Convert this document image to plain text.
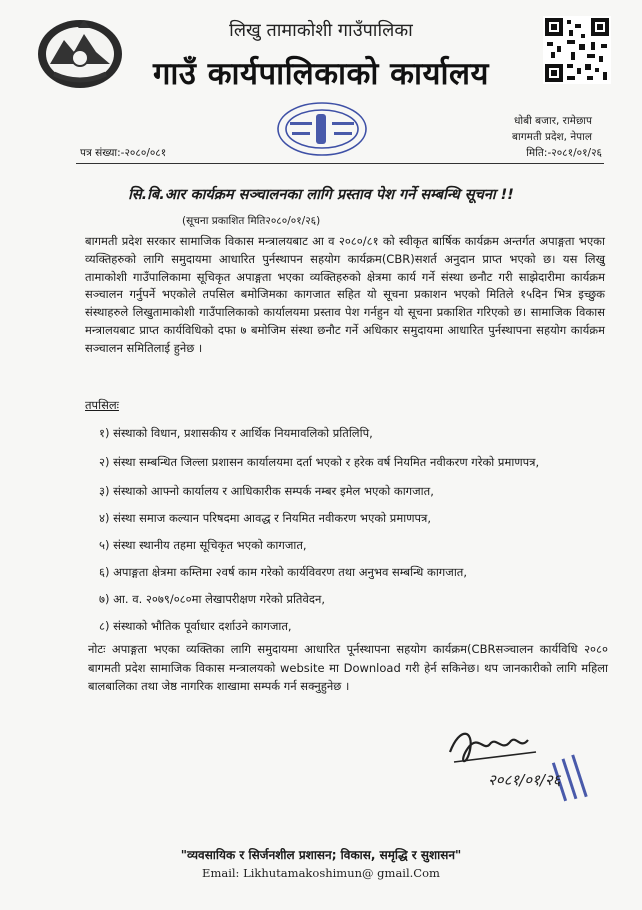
लिखु तामाकोशी गाउँपालिका
गाउँ कार्यपालिकाको कार्यालय
धोबी बजार, रामेछाप
बागमती प्रदेश, नेपाल
पत्र संख्या:-२०८०/०८१	मिति:-२०८१/०१/२६
सि.बि.आर कार्यक्रम सञ्चालनका लागि प्रस्ताव पेश गर्ने सम्बन्धि सूचना !!
(सूचना प्रकाशित मिति२०८०/०१/२६)
बागमती प्रदेश सरकार सामाजिक विकास मन्त्रालयबाट आ व २०८०/८१ को स्वीकृत बार्षिक कार्यक्रम अन्तर्गत अपाङ्गता भएका व्यक्तिहरुको लागि समुदायमा आधारित पुर्नस्थापन सहयोग कार्यक्रम(CBR)सशर्त अनुदान प्राप्त भएको छ। यस लिखु तामाकोशी गाउँपालिकामा सूचिकृत अपाङ्गता भएका व्यक्तिहरुको क्षेत्रमा कार्य गर्ने संस्था छनौट गरी साझेदारीमा कार्यक्रम सञ्चालन गर्नुपर्ने भएकोले तपसिल बमोजिमका कागजात सहित यो सूचना प्रकाशन भएको मितिले १५दिन भित्र इच्छुक संस्थाहरुले लिखुतामाकोशी गाउँपालिकाको कार्यालयमा प्रस्ताव पेश गर्नहुन यो सूचना प्रकाशित गरिएको छ। सामाजिक विकास मन्त्रालयबाट प्राप्त कार्यविधिको दफा ७ बमोजिम संस्था छनौट गर्ने अधिकार समुदायमा आधारित पुर्नस्थापना सहयोग कार्यक्रम सञ्चालन समितिलाई हुनेछ ।
तपसिलः
१) संस्थाको विधान, प्रशासकीय र आर्थिक नियमावलिको प्रतिलिपि,
२) संस्था सम्बन्धित जिल्ला प्रशासन कार्यालयमा दर्ता भएको र हरेक वर्ष नियमित नवीकरण गरेको प्रमाणपत्र,
३) संस्थाको आफ्नो कार्यालय र आधिकारीक सम्पर्क नम्बर इमेल भएको कागजात,
४) संस्था समाज कल्यान परिषदमा आवद्ध र नियमित नवीकरण भएको प्रमाणपत्र,
५) संस्था स्थानीय तहमा सूचिकृत भएको कागजात,
६) अपाङ्गता क्षेत्रमा कम्तिमा २वर्ष काम गरेको कार्यविवरण तथा अनुभव सम्बन्धि कागजात,
७) आ. व. २०७९/०८०मा लेखापरीक्षण गरेको प्रतिवेदन,
८) संस्थाको भौतिक पूर्वाधार दर्शाउने कागजात,
नोटः अपाङ्गता भएका व्यक्तिका लागि समुदायमा आधारित पूर्नस्थापना सहयोग कार्यक्रम(CBRसञ्चालन कार्यविधि २०८० बागमती प्रदेश सामाजिक विकास मन्त्रालयको website मा Download गरी हेर्न सकिनेछ। थप जानकारीको लागि महिला बालबालिका तथा जेष्ठ नागरिक शाखामा सम्पर्क गर्न सक्नुहुनेछ ।
२०८१/०१/२६
"व्यवसायिक र सिर्जनशील प्रशासन; विकास, समृद्धि र सुशासन"
Email: Likhutamakoshimun@ gmail.Com
